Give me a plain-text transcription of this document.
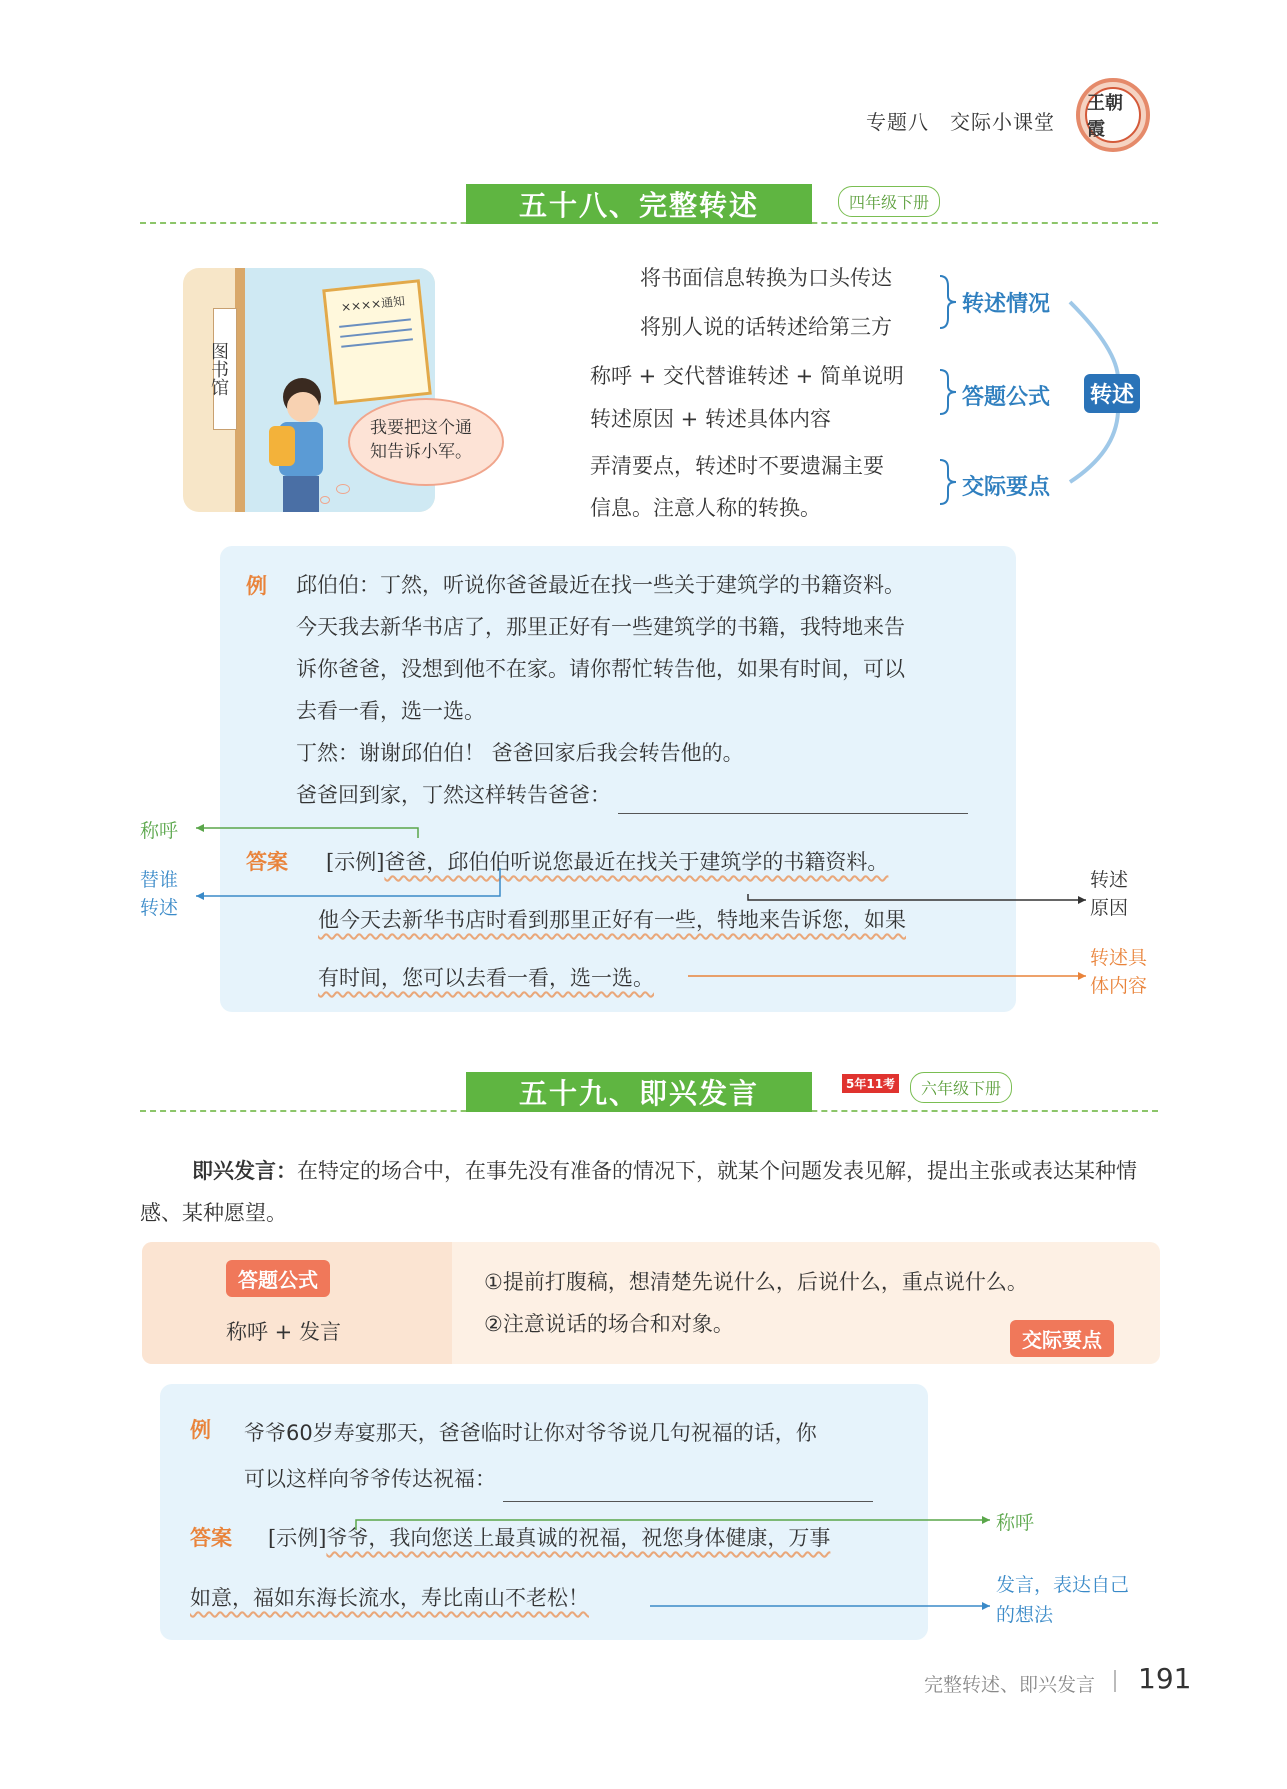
专题八　交际小课堂
王朝霞
五十八、完整转述	四年级下册
图书馆
××××通知
我要把这个通知告诉小军。
将书面信息转换为口头传达
将别人说的话转述给第三方
称呼 + 交代替谁转述 + 简单说明
转述原因 + 转述具体内容
弄清要点，转述时不要遗漏主要
信息。注意人称的转换。
转述情况
答题公式
交际要点
转述
例 邱伯伯：丁然，听说你爸爸最近在找一些关于建筑学的书籍资料。
今天我去新华书店了，那里正好有一些建筑学的书籍，我特地来告
诉你爸爸，没想到他不在家。请你帮忙转告他，如果有时间，可以
去看一看，选一选。
丁然：谢谢邱伯伯！ 爸爸回家后我会转告他的。
爸爸回到家，丁然这样转告爸爸：
答案 [示例]爸爸，邱伯伯听说您最近在找关于建筑学的书籍资料。
他今天去新华书店时看到那里正好有一些，特地来告诉您，如果
有时间，您可以去看一看，选一选。
称呼
替谁转述
转述原因
转述具体内容
五十九、即兴发言	5年11考	六年级下册
即兴发言：在特定的场合中，在事先没有准备的情况下，就某个问题发表见解，提出主张或表达某种情感、某种愿望。
答题公式
称呼 + 发言
①提前打腹稿，想清楚先说什么，后说什么，重点说什么。
②注意说话的场合和对象。
交际要点
例 爷爷60岁寿宴那天，爸爸临时让你对爷爷说几句祝福的话，你
可以这样向爷爷传达祝福：
答案 [示例]爷爷，我向您送上最真诚的祝福，祝您身体健康，万事
如意，福如东海长流水，寿比南山不老松！
称呼
发言，表达自己的想法
完整转述、即兴发言 191
